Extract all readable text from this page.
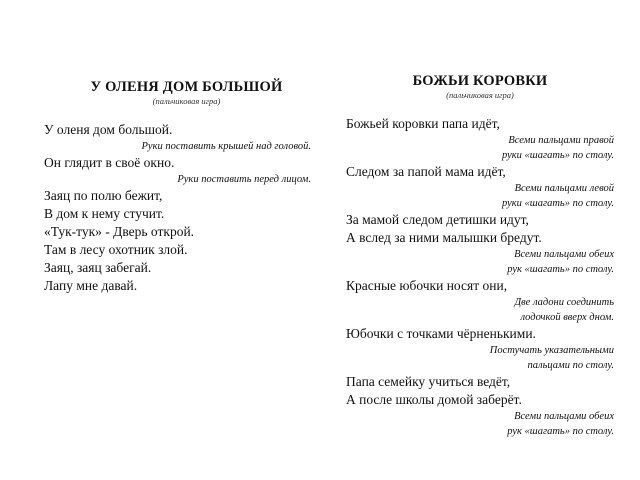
У ОЛЕНЯ ДОМ БОЛЬШОЙ
(пальчиковая игра)
У оленя дом большой.
Руки поставить крышей над головой.
Он глядит в своё окно.
Руки поставить перед лицом.
Заяц по полю бежит,
В дом к нему стучит.
«Тук-тук» - Дверь открой.
Там в лесу охотник злой.
Заяц, заяц забегай.
Лапу мне давай.
БОЖЬИ КОРОВКИ
(пальчиковая игра)
Божьей коровки папа идёт,
Всеми пальцами правой
руки «шагать» по столу.
Следом за папой мама идёт,
Всеми пальцами левой
руки «шагать» по столу.
За мамой следом детишки идут,
А вслед за ними малышки бредут.
Всеми пальцами обеих
рук «шагать» по столу.
Красные юбочки носят они,
Две ладони соединить
лодочкой вверх дном.
Юбочки с точками чёрненькими.
Постучать указательными
пальцами по столу.
Папа семейку учиться ведёт,
А после школы домой заберёт.
Всеми пальцами обеих
рук «шагать» по столу.
